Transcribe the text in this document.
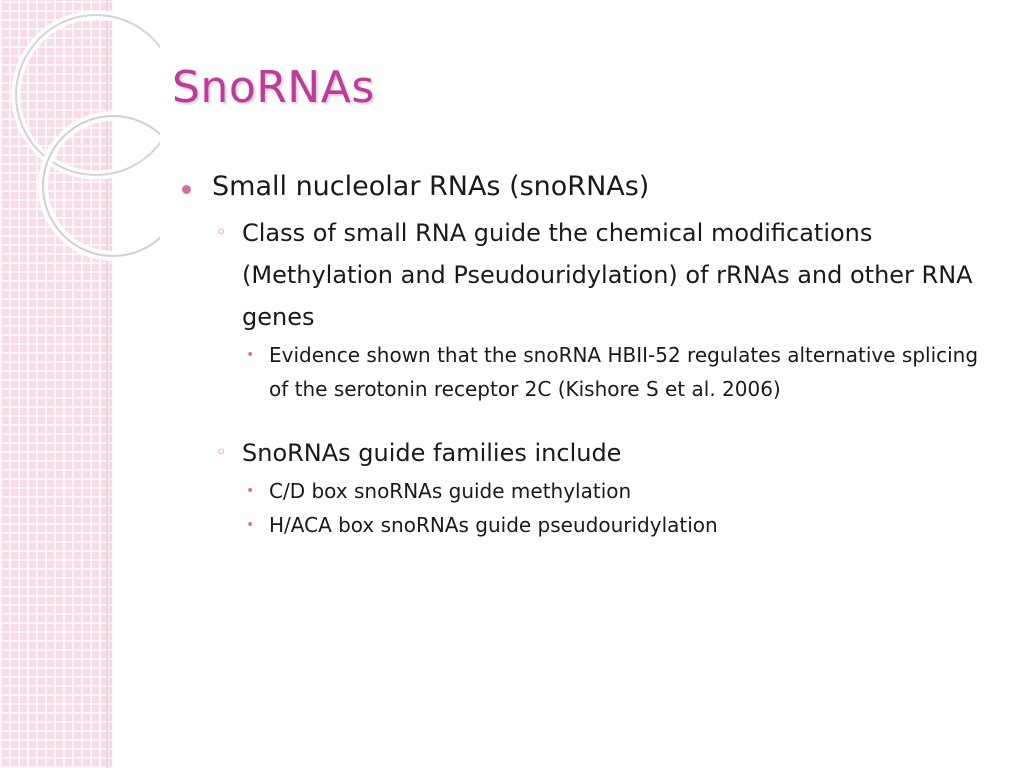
SnoRNAs
Small nucleolar RNAs (snoRNAs)
◦ Class of small RNA guide the chemical modifications (Methylation and Pseudouridylation) of rRNAs and other RNA genes
• Evidence shown that the snoRNA HBII-52 regulates alternative splicing of the serotonin receptor 2C (Kishore S et al. 2006)
◦ SnoRNAs guide families include
• C/D box snoRNAs guide methylation
• H/ACA box snoRNAs guide pseudouridylation
